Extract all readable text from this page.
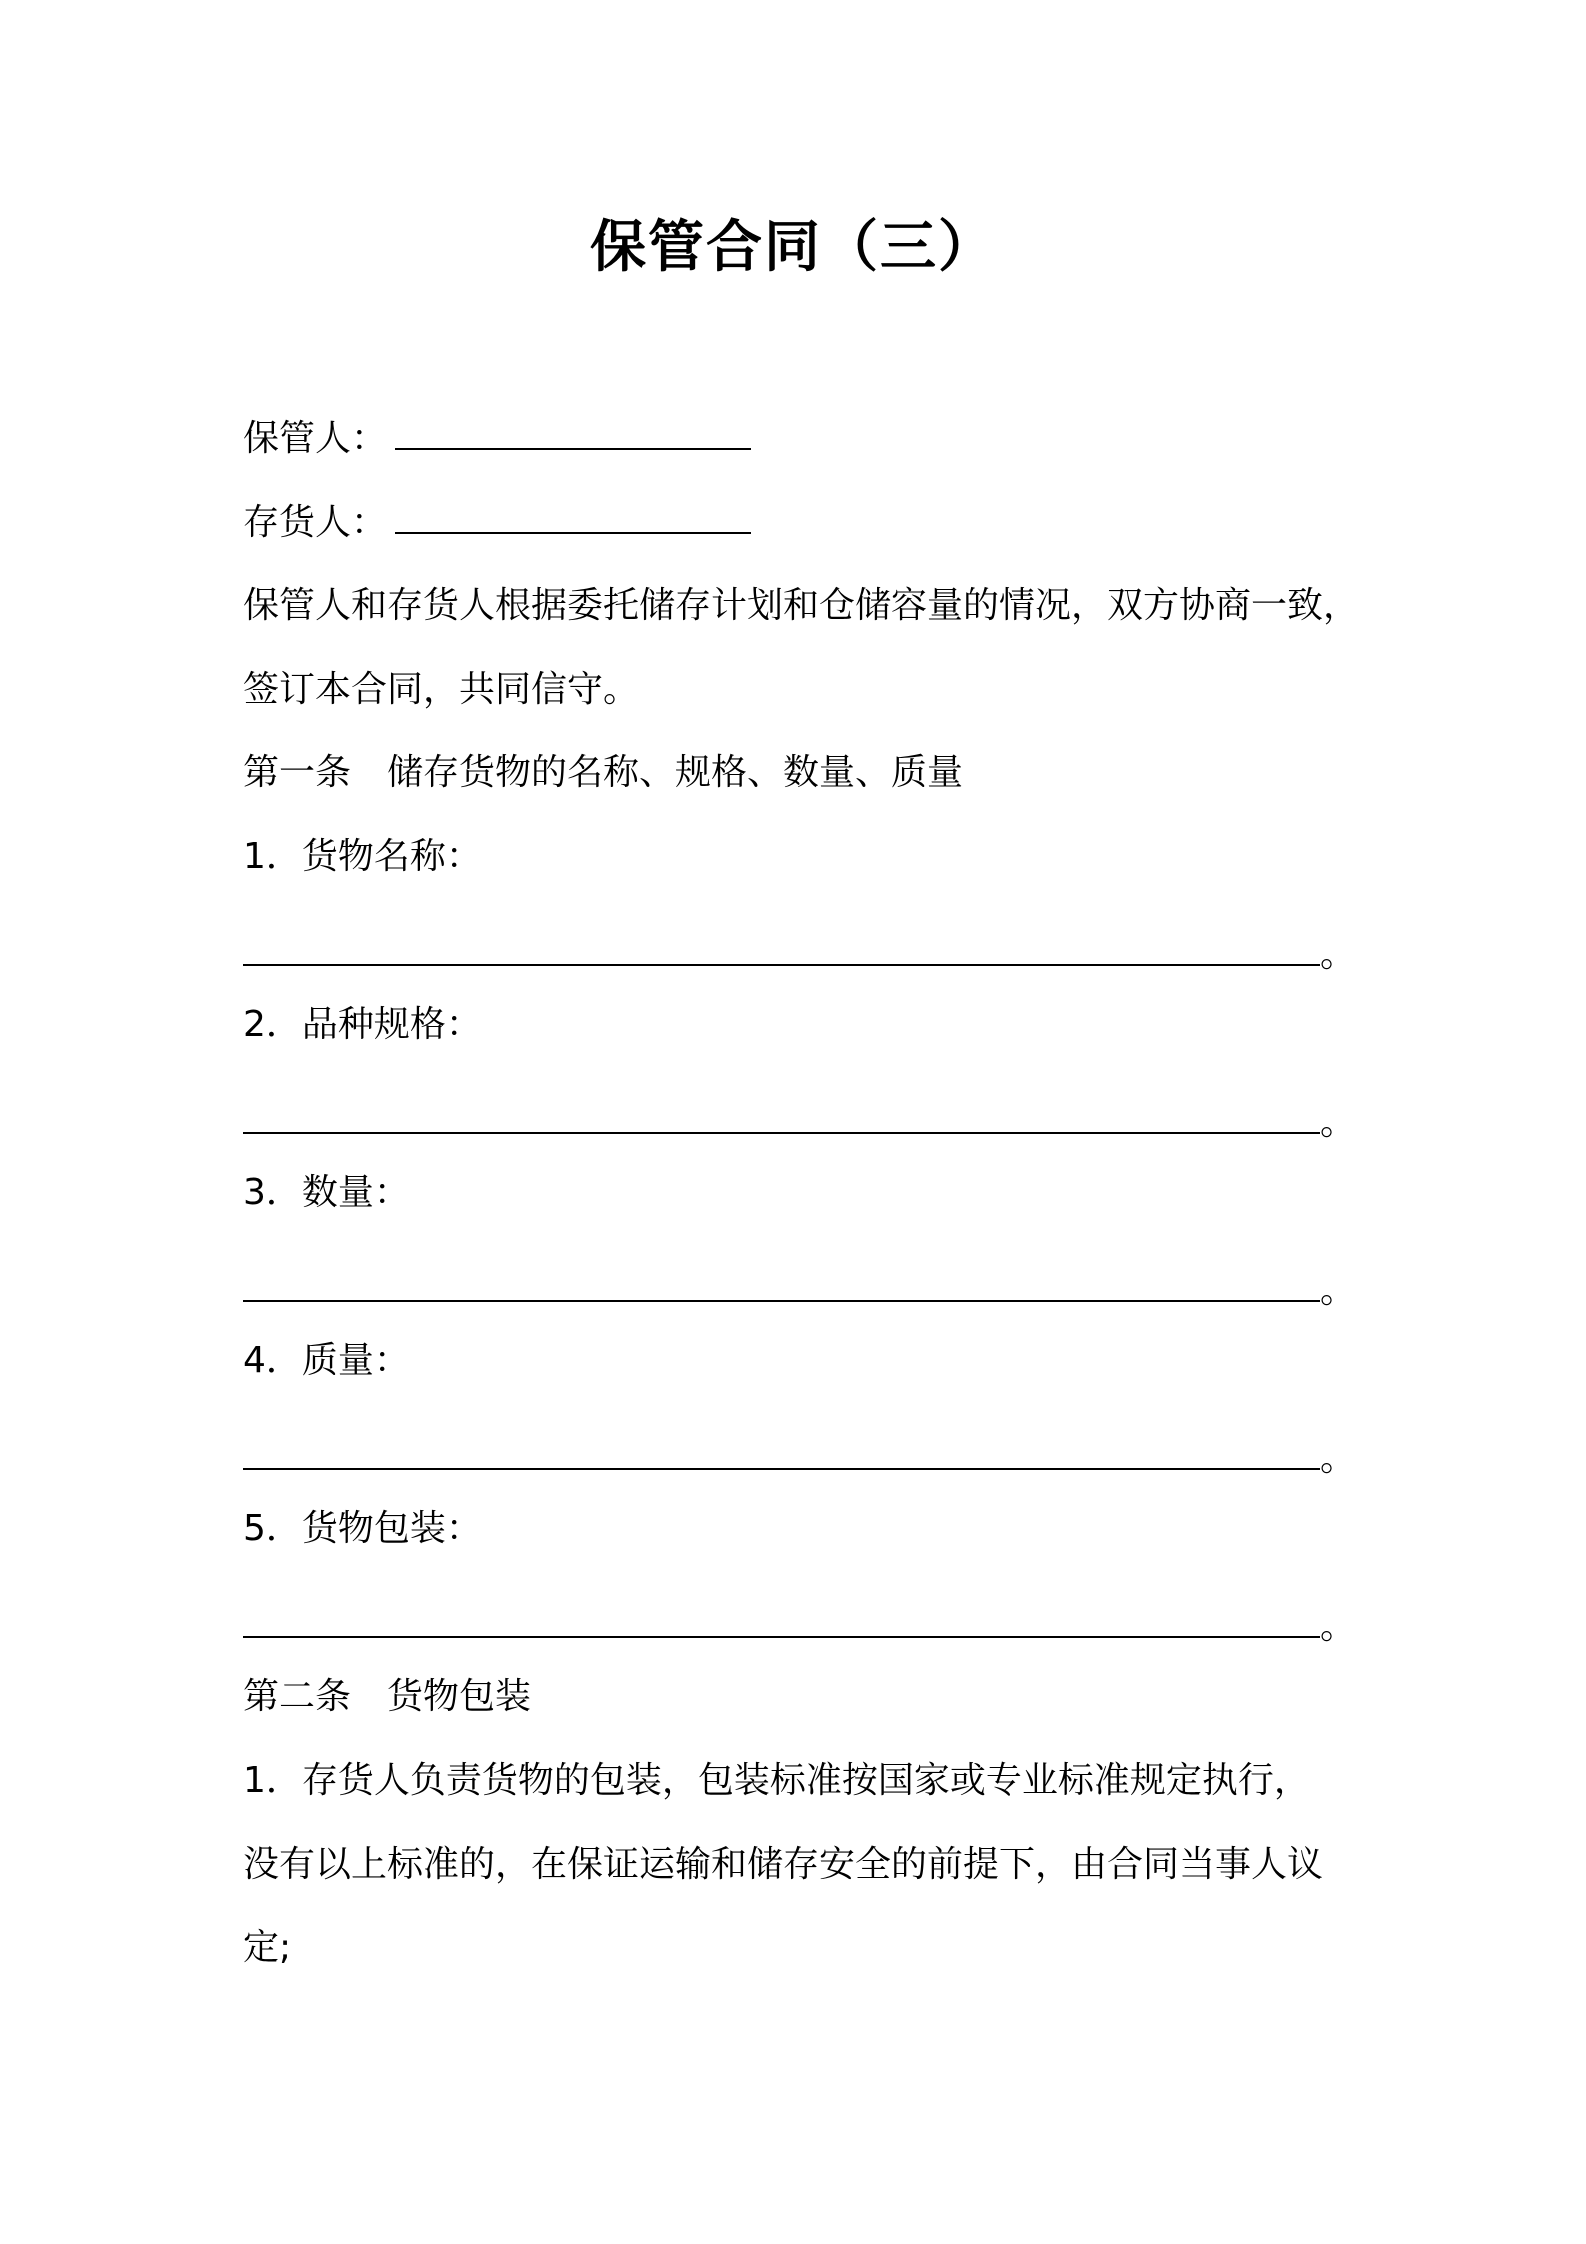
保管合同（三）
保管人：
存货人：
保管人和存货人根据委托储存计划和仓储容量的情况，双方协商一致，
签订本合同，共同信守。
第一条 储存货物的名称、规格、数量、质量
1．货物名称：
。
2．品种规格：
。
3．数量：
。
4．质量：
。
5．货物包装：
。
第二条 货物包装
1．存货人负责货物的包装，包装标准按国家或专业标准规定执行，
没有以上标准的，在保证运输和储存安全的前提下，由合同当事人议
定;
